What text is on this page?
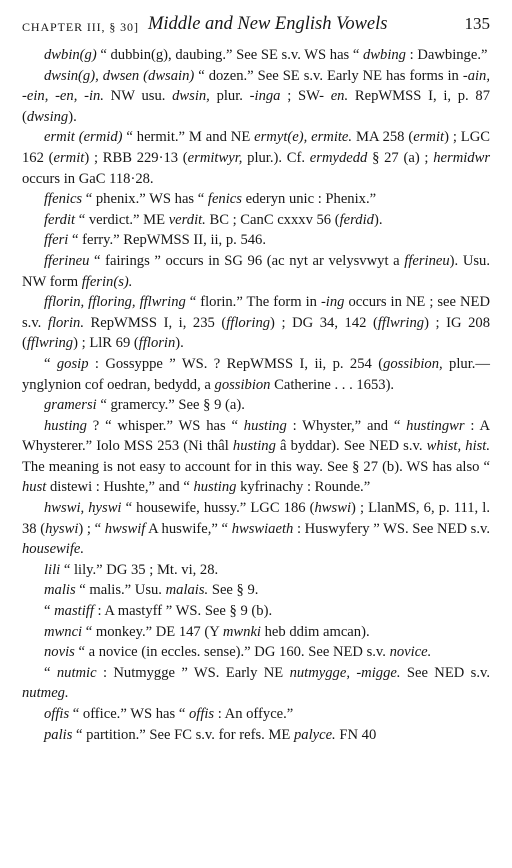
CHAPTER III, § 30] Middle and New English Vowels	135

dwbin(g) “ dubbin(g), daubing.” See SE s.v. WS has “ dwbing : Dawbinge.”

dwsin(g), dwsen (dwsain) “ dozen.” See SE s.v. Early NE has forms in -ain, -ein, -en, -in. NW usu. dwsin, plur. -inga ; SW- en. RepWMSS I, i, p. 87 (dwsing).

ermit (ermid) “ hermit.” M and NE ermyt(e), ermite. MA 258 (ermit) ; LGC 162 (ermit) ; RBB 229·13 (ermitwyr, plur.). Cf. ermydedd § 27 (a) ; hermidwr occurs in GaC 118·28.

ffenics “ phenix.” WS has “ fenics ederyn unic : Phenix.”

ferdit “ verdict.” ME verdit. BC ; CanC cxxxv 56 (ferdid).

fferi “ ferry.” RepWMSS II, ii, p. 546.

fferineu “ fairings ” occurs in SG 96 (ac nyt ar velysvwyt a fferineu). Usu. NW form fferin(s).

fflorin, ffloring, fflwring “ florin.” The form in -ing occurs in NE ; see NED s.v. florin. RepWMSS I, i, 235 (ffloring) ; DG 34, 142 (fflwring) ; IG 208 (fflwring) ; LlR 69 (fflorin).

“ gosip : Gossyppe ” WS. ? RepWMSS I, ii, p. 254 (gossibion, plur.—ynglynion cof oedran, bedydd, a gossibion Catherine . . . 1653).

gramersi “ gramercy.” See § 9 (a).

husting ? “ whisper.” WS has “ husting : Whyster,” and “ hustingwr : A Whysterer.” Iolo MSS 253 (Ni thâl husting â byddar). See NED s.v. whist, hist. The meaning is not easy to account for in this way. See § 27 (b). WS has also “ hust distewi : Hushte,” and “ husting kyfrinachy : Rounde.”

hwswi, hyswi “ housewife, hussy.” LGC 186 (hwswi) ; LlanMS, 6, p. 111, l. 38 (hyswi) ; “ hwswif A huswife,” “ hwswiaeth : Huswyfery ” WS. See NED s.v. housewife.

lili “ lily.” DG 35 ; Mt. vi, 28.

malis “ malis.” Usu. malais. See § 9.

“ mastiff : A mastyff ” WS. See § 9 (b).

mwnci “ monkey.” DE 147 (Y mwnki heb ddim amcan).

novis “ a novice (in eccles. sense).” DG 160. See NED s.v. novice.

“ nutmic : Nutmygge ” WS. Early NE nutmygge, -migge. See NED s.v. nutmeg.

offis “ office.” WS has “ offis : An offyce.”

palis “ partition.” See FC s.v. for refs. ME palyce. FN 40
